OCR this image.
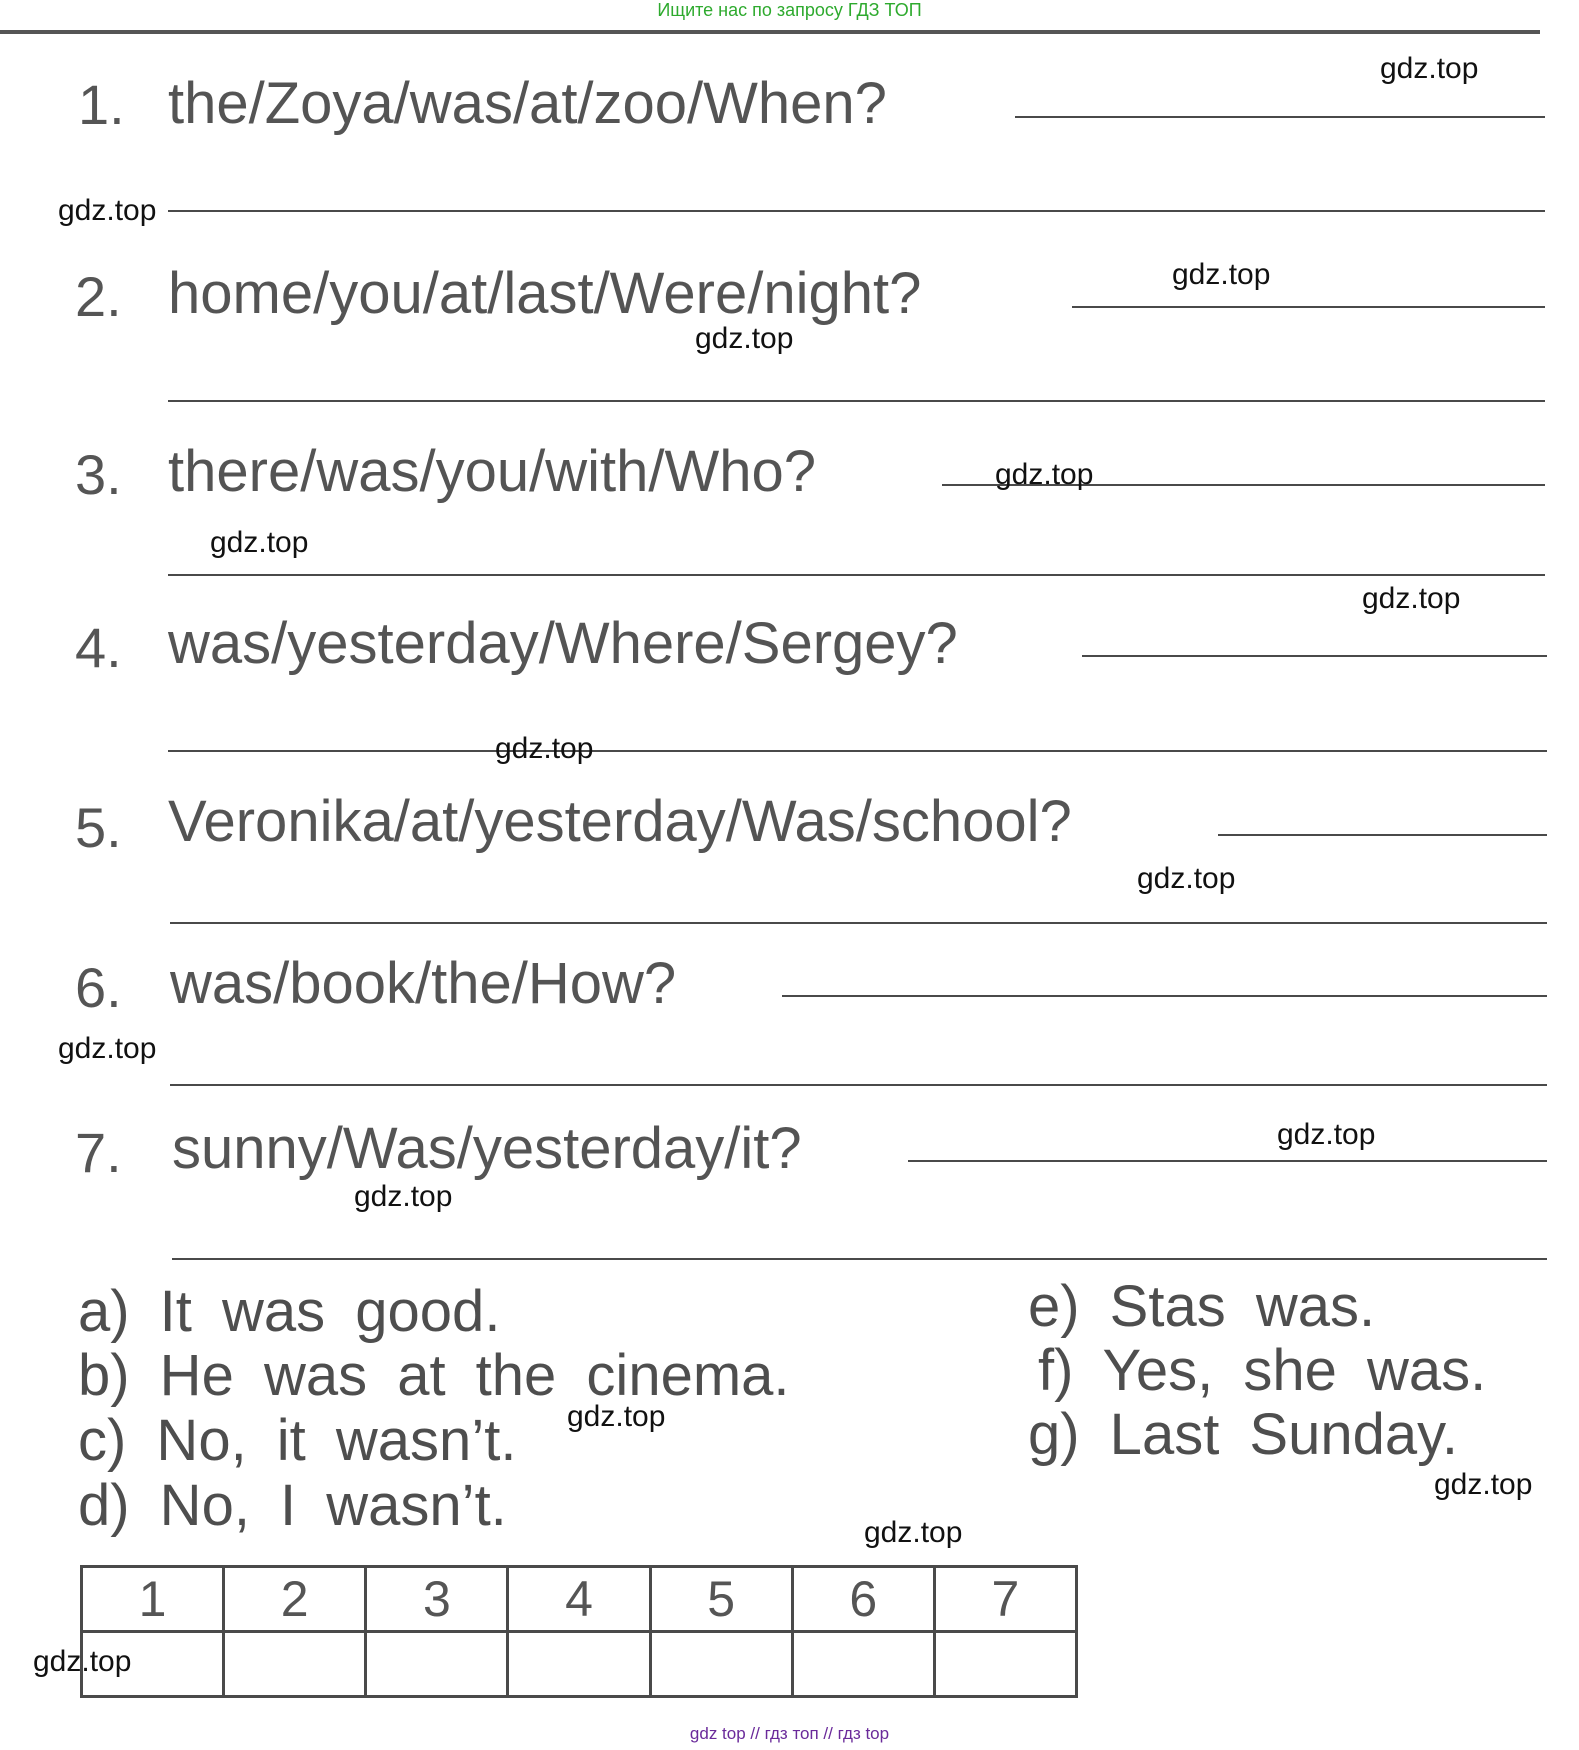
Ищите нас по запросу ГДЗ ТОП
1. the/Zoya/was/at/zoo/When?
2. home/you/at/last/Were/night?
3. there/was/you/with/Who?
4. was/yesterday/Where/Sergey?
5. Veronika/at/yesterday/Was/school?
6. was/book/the/How?
7. sunny/Was/yesterday/it?
a) It was good.
b) He was at the cinema.
c) No, it wasn’t.
d) No, I wasn’t.
e) Stas was.
f) Yes, she was.
g) Last Sunday.
1	2	3	4	5	6	7

gdz.top
gdz.top
gdz.top
gdz.top
gdz.top
gdz.top
gdz.top
gdz.top
gdz.top
gdz.top
gdz.top
gdz.top
gdz.top
gdz.top
gdz.top
gdz.top
gdz top // гдз топ // гдз top
